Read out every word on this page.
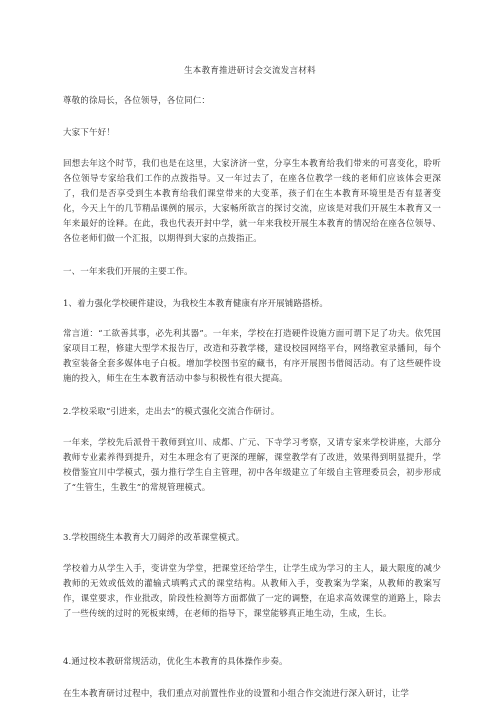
生本教育推进研讨会交流发言材料

尊敬的徐局长，各位领导，各位同仁：

大家下午好！

回想去年这个时节，我们也是在这里，大家济济一堂，分享生本教育给我们带来的可喜变化，聆听各位领导专家给我们工作的点拨指导。又一年过去了，在座各位教学一线的老师们应该体会更深了，我们是否享受到生本教育给我们课堂带来的大变革，孩子们在生本教育环境里是否有显著变化，今天上午的几节精品课例的展示，大家畅所欲言的探讨交流，应该是对我们开展生本教育又一年来最好的诠释。在此，我也代表开封中学，就一年来我校开展生本教育的情况给在座各位领导、各位老师们做一个汇报，以期得到大家的点拨指正。

一、一年来我们开展的主要工作。

1、着力强化学校硬件建设，为我校生本教育健康有序开展铺路搭桥。

常言道：“工欲善其事，必先利其器”。一年来，学校在打造硬件设施方面可谓下足了功夫。依凭国家项目工程，修建大型学术报告厅，改造和芬教学楼，建设校园网络平台，网络教室录播间，每个教室装备全套多媒体电子白板。增加学校图书室的藏书，有序开展图书借阅活动。有了这些硬件设施的投入，师生在生本教育活动中参与积极性有很大提高。

2.学校采取“引进来，走出去”的模式强化交流合作研讨。

一年来，学校先后派骨干教师到宜川、成都、广元、下寺学习考察，又请专家来学校讲座，大部分教师专业素养得到提升，对生本理念有了更深的理解，课堂教学有了改进，效果得到明显提升，学校借鉴宜川中学模式，强力推行学生自主管理，初中各年级建立了年级自主管理委员会，初步形成了“生管生，生教生”的常规管理模式。

3.学校围绕生本教育大刀阔斧的改革课堂模式。

学校着力从学生入手，变讲堂为学堂，把课堂还给学生，让学生成为学习的主人，最大限度的减少教师的无效或低效的灌输式填鸭式式的课堂结构。从教师入手，变教案为学案，从教师的教案写作，课堂要求，作业批改，阶段性检测等方面都做了一定的调整，在追求高效课堂的道路上，除去了一些传统的过时的死板束缚，在老师的指导下，课堂能够真正地生动，生成，生长。

4.通过校本教研常规活动，优化生本教育的具体操作步奏。

在生本教育研讨过程中，我们重点对前置性作业的设置和小组合作交流进行深入研讨，让学
